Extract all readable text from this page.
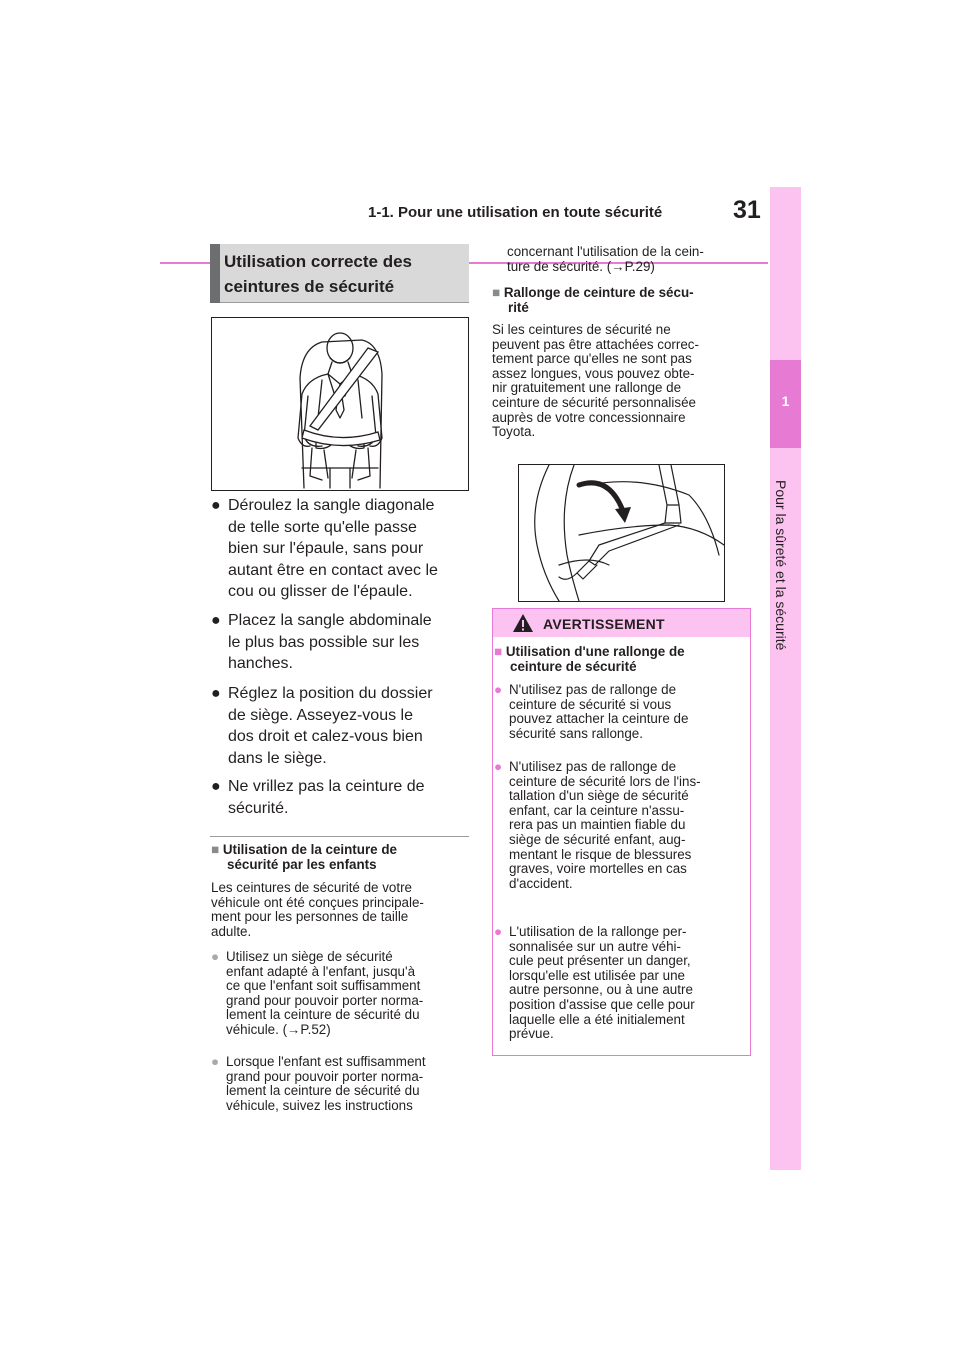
1-1. Pour une utilisation en toute sécurité	31
1
Pour la sûreté et la sécurité
Utilisation correcte des
ceintures de sécurité
● Déroulez la sangle diagonale
de telle sorte qu'elle passe
bien sur l'épaule, sans pour
autant être en contact avec le
cou ou glisser de l'épaule.
● Placez la sangle abdominale
le plus bas possible sur les
hanches.
● Réglez la position du dossier
de siège. Asseyez-vous le
dos droit et calez-vous bien
dans le siège.
● Ne vrillez pas la ceinture de
sécurité.
■ Utilisation de la ceinture de
sécurité par les enfants
Les ceintures de sécurité de votre
véhicule ont été conçues principale-
ment pour les personnes de taille
adulte.
● Utilisez un siège de sécurité
enfant adapté à l'enfant, jusqu'à
ce que l'enfant soit suffisamment
grand pour pouvoir porter norma-
lement la ceinture de sécurité du
véhicule. (→P.52)
● Lorsque l'enfant est suffisamment
grand pour pouvoir porter norma-
lement la ceinture de sécurité du
véhicule, suivez les instructions
concernant l'utilisation de la cein-
ture de sécurité. (→P.29)
■ Rallonge de ceinture de sécu-
rité
Si les ceintures de sécurité ne
peuvent pas être attachées correc-
tement parce qu'elles ne sont pas
assez longues, vous pouvez obte-
nir gratuitement une rallonge de
ceinture de sécurité personnalisée
auprès de votre concessionnaire
Toyota.
AVERTISSEMENT
■ Utilisation d'une rallonge de
ceinture de sécurité
● N'utilisez pas de rallonge de
ceinture de sécurité si vous
pouvez attacher la ceinture de
sécurité sans rallonge.
● N'utilisez pas de rallonge de
ceinture de sécurité lors de l'ins-
tallation d'un siège de sécurité
enfant, car la ceinture n'assu-
rera pas un maintien fiable du
siège de sécurité enfant, aug-
mentant le risque de blessures
graves, voire mortelles en cas
d'accident.
● L'utilisation de la rallonge per-
sonnalisée sur un autre véhi-
cule peut présenter un danger,
lorsqu'elle est utilisée par une
autre personne, ou à une autre
position d'assise que celle pour
laquelle elle a été initialement
prévue.
